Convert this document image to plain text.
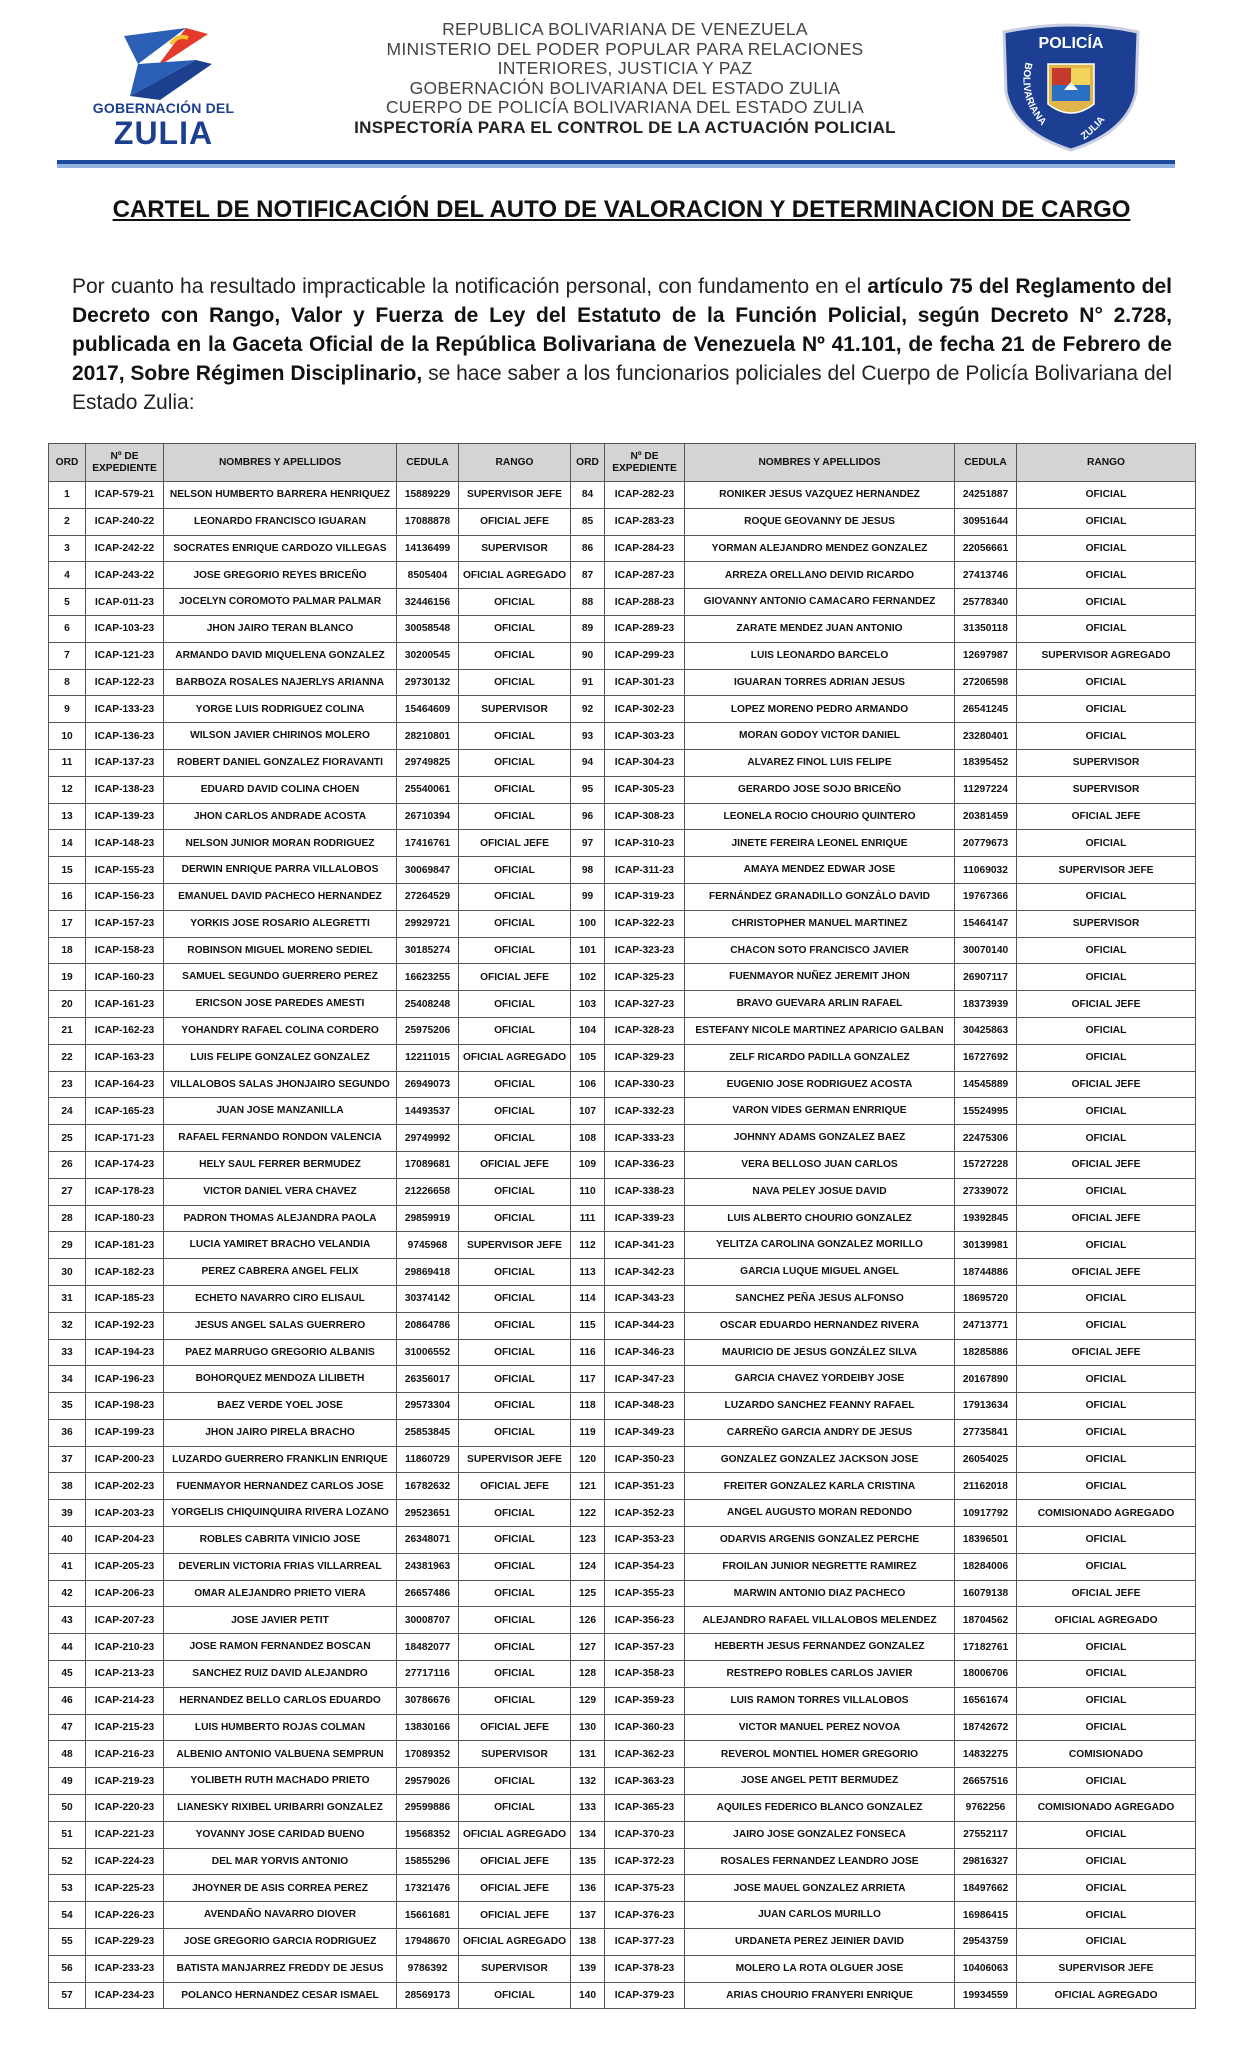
GOBERNACIÓN DEL
ZULIA
REPUBLICA BOLIVARIANA DE VENEZUELA
MINISTERIO DEL PODER POPULAR PARA RELACIONES
INTERIORES, JUSTICIA Y PAZ
GOBERNACIÓN BOLIVARIANA DEL ESTADO ZULIA
CUERPO DE POLICÍA BOLIVARIANA DEL ESTADO ZULIA
INSPECTORÍA PARA EL CONTROL DE LA ACTUACIÓN POLICIAL
POLICÍA
BOLIVARIANA
ZULIA
CARTEL DE NOTIFICACIÓN DEL AUTO DE VALORACION Y DETERMINACION DE CARGO
Por cuanto ha resultado impracticable la notificación personal, con fundamento en el artículo 75 del Reglamento del Decreto con Rango, Valor y Fuerza de Ley del Estatuto de la Función Policial, según Decreto N° 2.728, publicada en la Gaceta Oficial de la República Bolivariana de Venezuela Nº 41.101, de fecha 21 de Febrero de 2017, Sobre Régimen Disciplinario, se hace saber a los funcionarios policiales del Cuerpo de Policía Bolivariana del Estado Zulia:
ORD	Nº DE EXPEDIENTE	NOMBRES Y APELLIDOS	CEDULA	RANGO	ORD	Nº DE EXPEDIENTE	NOMBRES Y APELLIDOS	CEDULA	RANGO
1	ICAP-579-21	NELSON HUMBERTO BARRERA HENRIQUEZ	15889229	SUPERVISOR JEFE	84	ICAP-282-23	RONIKER JESUS VAZQUEZ HERNANDEZ	24251887	OFICIAL
2	ICAP-240-22	LEONARDO FRANCISCO IGUARAN	17088878	OFICIAL JEFE	85	ICAP-283-23	ROQUE GEOVANNY DE JESUS	30951644	OFICIAL
3	ICAP-242-22	SOCRATES ENRIQUE CARDOZO VILLEGAS	14136499	SUPERVISOR	86	ICAP-284-23	YORMAN ALEJANDRO MENDEZ GONZALEZ	22056661	OFICIAL
4	ICAP-243-22	JOSE GREGORIO REYES BRICEÑO	8505404	OFICIAL AGREGADO	87	ICAP-287-23	ARREZA ORELLANO DEIVID RICARDO	27413746	OFICIAL
5	ICAP-011-23	JOCELYN COROMOTO PALMAR PALMAR	32446156	OFICIAL	88	ICAP-288-23	GIOVANNY ANTONIO CAMACARO FERNANDEZ	25778340	OFICIAL
6	ICAP-103-23	JHON JAIRO TERAN BLANCO	30058548	OFICIAL	89	ICAP-289-23	ZARATE MENDEZ JUAN ANTONIO	31350118	OFICIAL
7	ICAP-121-23	ARMANDO DAVID MIQUELENA GONZALEZ	30200545	OFICIAL	90	ICAP-299-23	LUIS LEONARDO BARCELO	12697987	SUPERVISOR AGREGADO
8	ICAP-122-23	BARBOZA ROSALES NAJERLYS ARIANNA	29730132	OFICIAL	91	ICAP-301-23	IGUARAN TORRES ADRIAN JESUS	27206598	OFICIAL
9	ICAP-133-23	YORGE LUIS RODRIGUEZ COLINA	15464609	SUPERVISOR	92	ICAP-302-23	LOPEZ MORENO PEDRO ARMANDO	26541245	OFICIAL
10	ICAP-136-23	WILSON JAVIER CHIRINOS MOLERO	28210801	OFICIAL	93	ICAP-303-23	MORAN GODOY VICTOR DANIEL	23280401	OFICIAL
11	ICAP-137-23	ROBERT DANIEL GONZALEZ FIORAVANTI	29749825	OFICIAL	94	ICAP-304-23	ALVAREZ FINOL LUIS FELIPE	18395452	SUPERVISOR
12	ICAP-138-23	EDUARD DAVID COLINA CHOEN	25540061	OFICIAL	95	ICAP-305-23	GERARDO JOSE SOJO BRICEÑO	11297224	SUPERVISOR
13	ICAP-139-23	JHON CARLOS ANDRADE ACOSTA	26710394	OFICIAL	96	ICAP-308-23	LEONELA ROCIO CHOURIO QUINTERO	20381459	OFICIAL JEFE
14	ICAP-148-23	NELSON JUNIOR MORAN RODRIGUEZ	17416761	OFICIAL JEFE	97	ICAP-310-23	JINETE FEREIRA LEONEL ENRIQUE	20779673	OFICIAL
15	ICAP-155-23	DERWIN ENRIQUE PARRA VILLALOBOS	30069847	OFICIAL	98	ICAP-311-23	AMAYA MENDEZ EDWAR JOSE	11069032	SUPERVISOR JEFE
16	ICAP-156-23	EMANUEL DAVID PACHECO HERNANDEZ	27264529	OFICIAL	99	ICAP-319-23	FERNÁNDEZ GRANADILLO GONZÁLO DAVID	19767366	OFICIAL
17	ICAP-157-23	YORKIS JOSE ROSARIO ALEGRETTI	29929721	OFICIAL	100	ICAP-322-23	CHRISTOPHER MANUEL MARTINEZ	15464147	SUPERVISOR
18	ICAP-158-23	ROBINSON MIGUEL MORENO SEDIEL	30185274	OFICIAL	101	ICAP-323-23	CHACON SOTO FRANCISCO JAVIER	30070140	OFICIAL
19	ICAP-160-23	SAMUEL SEGUNDO GUERRERO PEREZ	16623255	OFICIAL JEFE	102	ICAP-325-23	FUENMAYOR NUÑEZ JEREMIT JHON	26907117	OFICIAL
20	ICAP-161-23	ERICSON JOSE PAREDES AMESTI	25408248	OFICIAL	103	ICAP-327-23	BRAVO GUEVARA ARLIN RAFAEL	18373939	OFICIAL JEFE
21	ICAP-162-23	YOHANDRY RAFAEL COLINA CORDERO	25975206	OFICIAL	104	ICAP-328-23	ESTEFANY NICOLE MARTINEZ APARICIO GALBAN	30425863	OFICIAL
22	ICAP-163-23	LUIS FELIPE GONZALEZ GONZALEZ	12211015	OFICIAL AGREGADO	105	ICAP-329-23	ZELF RICARDO PADILLA GONZALEZ	16727692	OFICIAL
23	ICAP-164-23	VILLALOBOS SALAS JHONJAIRO SEGUNDO	26949073	OFICIAL	106	ICAP-330-23	EUGENIO JOSE RODRIGUEZ ACOSTA	14545889	OFICIAL JEFE
24	ICAP-165-23	JUAN JOSE MANZANILLA	14493537	OFICIAL	107	ICAP-332-23	VARON VIDES GERMAN ENRRIQUE	15524995	OFICIAL
25	ICAP-171-23	RAFAEL FERNANDO RONDON VALENCIA	29749992	OFICIAL	108	ICAP-333-23	JOHNNY ADAMS GONZALEZ BAEZ	22475306	OFICIAL
26	ICAP-174-23	HELY SAUL FERRER BERMUDEZ	17089681	OFICIAL JEFE	109	ICAP-336-23	VERA BELLOSO JUAN CARLOS	15727228	OFICIAL JEFE
27	ICAP-178-23	VICTOR DANIEL VERA CHAVEZ	21226658	OFICIAL	110	ICAP-338-23	NAVA PELEY JOSUE DAVID	27339072	OFICIAL
28	ICAP-180-23	PADRON THOMAS ALEJANDRA PAOLA	29859919	OFICIAL	111	ICAP-339-23	LUIS ALBERTO CHOURIO GONZALEZ	19392845	OFICIAL JEFE
29	ICAP-181-23	LUCIA YAMIRET BRACHO VELANDIA	9745968	SUPERVISOR JEFE	112	ICAP-341-23	YELITZA CAROLINA GONZALEZ MORILLO	30139981	OFICIAL
30	ICAP-182-23	PEREZ CABRERA ANGEL FELIX	29869418	OFICIAL	113	ICAP-342-23	GARCIA LUQUE MIGUEL ANGEL	18744886	OFICIAL JEFE
31	ICAP-185-23	ECHETO NAVARRO CIRO ELISAUL	30374142	OFICIAL	114	ICAP-343-23	SANCHEZ PEÑA JESUS ALFONSO	18695720	OFICIAL
32	ICAP-192-23	JESUS ANGEL SALAS GUERRERO	20864786	OFICIAL	115	ICAP-344-23	OSCAR EDUARDO HERNANDEZ RIVERA	24713771	OFICIAL
33	ICAP-194-23	PAEZ MARRUGO GREGORIO ALBANIS	31006552	OFICIAL	116	ICAP-346-23	MAURICIO DE JESUS GONZÁLEZ SILVA	18285886	OFICIAL JEFE
34	ICAP-196-23	BOHORQUEZ MENDOZA LILIBETH	26356017	OFICIAL	117	ICAP-347-23	GARCIA CHAVEZ YORDEIBY JOSE	20167890	OFICIAL
35	ICAP-198-23	BAEZ VERDE YOEL JOSE	29573304	OFICIAL	118	ICAP-348-23	LUZARDO SANCHEZ FEANNY RAFAEL	17913634	OFICIAL
36	ICAP-199-23	JHON JAIRO PIRELA BRACHO	25853845	OFICIAL	119	ICAP-349-23	CARREÑO GARCIA ANDRY DE JESUS	27735841	OFICIAL
37	ICAP-200-23	LUZARDO GUERRERO FRANKLIN ENRIQUE	11860729	SUPERVISOR JEFE	120	ICAP-350-23	GONZALEZ GONZALEZ JACKSON JOSE	26054025	OFICIAL
38	ICAP-202-23	FUENMAYOR HERNANDEZ CARLOS JOSE	16782632	OFICIAL JEFE	121	ICAP-351-23	FREITER GONZALEZ KARLA CRISTINA	21162018	OFICIAL
39	ICAP-203-23	YORGELIS CHIQUINQUIRA RIVERA LOZANO	29523651	OFICIAL	122	ICAP-352-23	ANGEL AUGUSTO MORAN REDONDO	10917792	COMISIONADO AGREGADO
40	ICAP-204-23	ROBLES CABRITA VINICIO JOSE	26348071	OFICIAL	123	ICAP-353-23	ODARVIS ARGENIS GONZALEZ PERCHE	18396501	OFICIAL
41	ICAP-205-23	DEVERLIN VICTORIA FRIAS VILLARREAL	24381963	OFICIAL	124	ICAP-354-23	FROILAN JUNIOR NEGRETTE RAMIREZ	18284006	OFICIAL
42	ICAP-206-23	OMAR ALEJANDRO PRIETO VIERA	26657486	OFICIAL	125	ICAP-355-23	MARWIN ANTONIO DIAZ PACHECO	16079138	OFICIAL JEFE
43	ICAP-207-23	JOSE JAVIER PETIT	30008707	OFICIAL	126	ICAP-356-23	ALEJANDRO RAFAEL VILLALOBOS MELENDEZ	18704562	OFICIAL AGREGADO
44	ICAP-210-23	JOSE RAMON FERNANDEZ BOSCAN	18482077	OFICIAL	127	ICAP-357-23	HEBERTH JESUS FERNANDEZ GONZALEZ	17182761	OFICIAL
45	ICAP-213-23	SANCHEZ RUIZ DAVID ALEJANDRO	27717116	OFICIAL	128	ICAP-358-23	RESTREPO ROBLES CARLOS JAVIER	18006706	OFICIAL
46	ICAP-214-23	HERNANDEZ BELLO CARLOS EDUARDO	30786676	OFICIAL	129	ICAP-359-23	LUIS RAMON TORRES VILLALOBOS	16561674	OFICIAL
47	ICAP-215-23	LUIS HUMBERTO ROJAS COLMAN	13830166	OFICIAL JEFE	130	ICAP-360-23	VICTOR MANUEL PEREZ NOVOA	18742672	OFICIAL
48	ICAP-216-23	ALBENIO ANTONIO VALBUENA SEMPRUN	17089352	SUPERVISOR	131	ICAP-362-23	REVEROL MONTIEL HOMER GREGORIO	14832275	COMISIONADO
49	ICAP-219-23	YOLIBETH RUTH MACHADO PRIETO	29579026	OFICIAL	132	ICAP-363-23	JOSE ANGEL PETIT BERMUDEZ	26657516	OFICIAL
50	ICAP-220-23	LIANESKY RIXIBEL URIBARRI GONZALEZ	29599886	OFICIAL	133	ICAP-365-23	AQUILES FEDERICO BLANCO GONZALEZ	9762256	COMISIONADO AGREGADO
51	ICAP-221-23	YOVANNY JOSE CARIDAD BUENO	19568352	OFICIAL AGREGADO	134	ICAP-370-23	JAIRO JOSE GONZALEZ FONSECA	27552117	OFICIAL
52	ICAP-224-23	DEL MAR YORVIS ANTONIO	15855296	OFICIAL JEFE	135	ICAP-372-23	ROSALES FERNANDEZ LEANDRO JOSE	29816327	OFICIAL
53	ICAP-225-23	JHOYNER DE ASIS CORREA PEREZ	17321476	OFICIAL JEFE	136	ICAP-375-23	JOSE MAUEL GONZALEZ ARRIETA	18497662	OFICIAL
54	ICAP-226-23	AVENDAÑO NAVARRO DIOVER	15661681	OFICIAL JEFE	137	ICAP-376-23	JUAN CARLOS MURILLO	16986415	OFICIAL
55	ICAP-229-23	JOSE GREGORIO GARCIA RODRIGUEZ	17948670	OFICIAL AGREGADO	138	ICAP-377-23	URDANETA PEREZ JEINIER DAVID	29543759	OFICIAL
56	ICAP-233-23	BATISTA MANJARREZ FREDDY DE JESUS	9786392	SUPERVISOR	139	ICAP-378-23	MOLERO LA ROTA OLGUER JOSE	10406063	SUPERVISOR JEFE
57	ICAP-234-23	POLANCO HERNANDEZ CESAR ISMAEL	28569173	OFICIAL	140	ICAP-379-23	ARIAS CHOURIO FRANYERI ENRIQUE	19934559	OFICIAL AGREGADO
